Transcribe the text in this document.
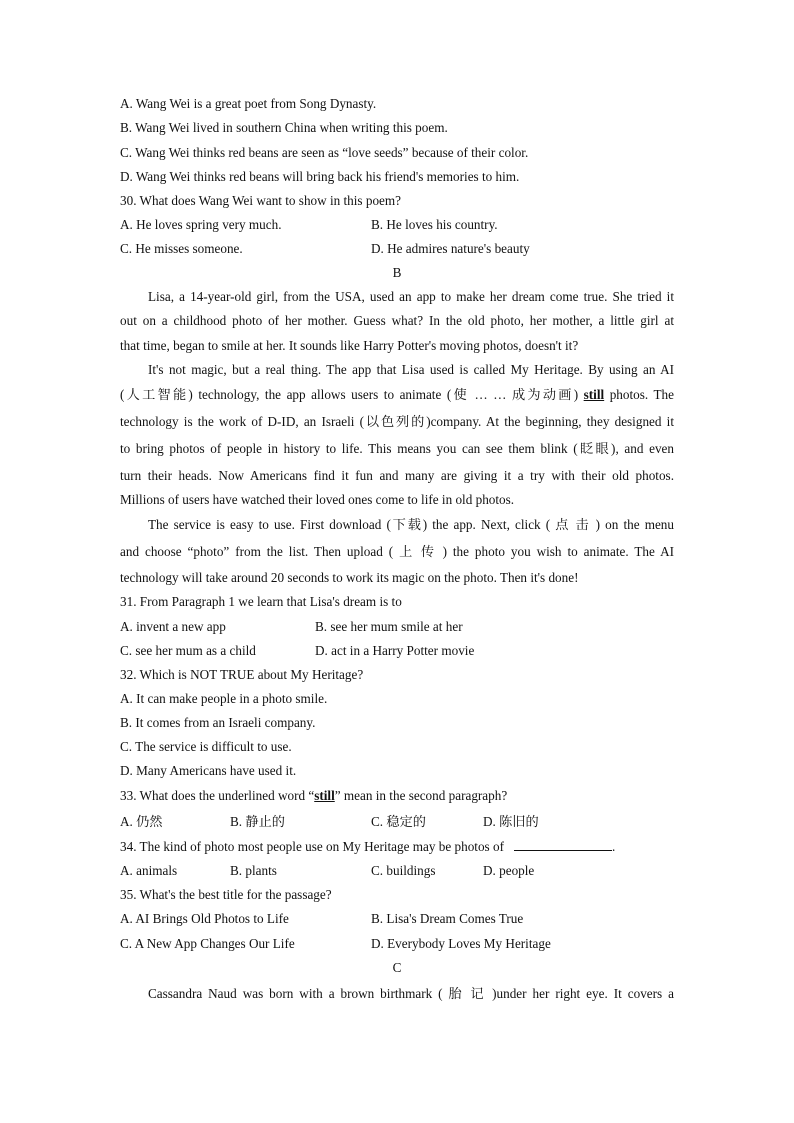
A. Wang Wei is a great poet from Song Dynasty.
B. Wang Wei lived in southern China when writing this poem.
C. Wang Wei thinks red beans are seen as “love seeds” because of their color.
D. Wang Wei thinks red beans will bring back his friend's memories to him.
30. What does Wang Wei want to show in this poem?
A. He loves spring very much.	B. He loves his country.
C. He misses someone.	D. He admires nature's beauty
B
Lisa, a 14-year-old girl, from the USA, used an app to make her dream come true. She tried it
out on a childhood photo of her mother. Guess what? In the old photo, her mother, a little girl at
that time, began to smile at her. It sounds like Harry Potter's moving photos, doesn't it?
It's not magic, but a real thing. The app that Lisa used is called My Heritage. By using an AI
(人工智能) technology, the app allows users to animate (使 … … 成为动画) still photos. The
technology is the work of D-ID, an Israeli (以色列的)company. At the beginning, they designed it
to bring photos of people in history to life. This means you can see them blink (眨眼), and even
turn their heads. Now Americans find it fun and many are giving it a try with their old photos.
Millions of users have watched their loved ones come to life in old photos.
The service is easy to use. First download (下载) the app. Next, click ( 点 击 ) on the menu
and choose “photo” from the list. Then upload ( 上 传 ) the photo you wish to animate. The AI
technology will take around 20 seconds to work its magic on the photo. Then it's done!
31. From Paragraph 1 we learn that Lisa's dream is to
A. invent a new app	B. see her mum smile at her
C. see her mum as a child	D. act in a Harry Potter movie
32. Which is NOT TRUE about My Heritage?
A. It can make people in a photo smile.
B. It comes from an Israeli company.
C. The service is difficult to use.
D. Many Americans have used it.
33. What does the underlined word “still” mean in the second paragraph?
A. 仍然	B. 静止的	C. 稳定的	D. 陈旧的
34. The kind of photo most people use on My Heritage may be photos of	.
A. animals	B. plants	C. buildings	D. people
35. What's the best title for the passage?
A. AI Brings Old Photos to Life	B. Lisa's Dream Comes True
C. A New App Changes Our Life	D. Everybody Loves My Heritage
C
Cassandra Naud was born with a brown birthmark ( 胎 记 )under her right eye. It covers a
